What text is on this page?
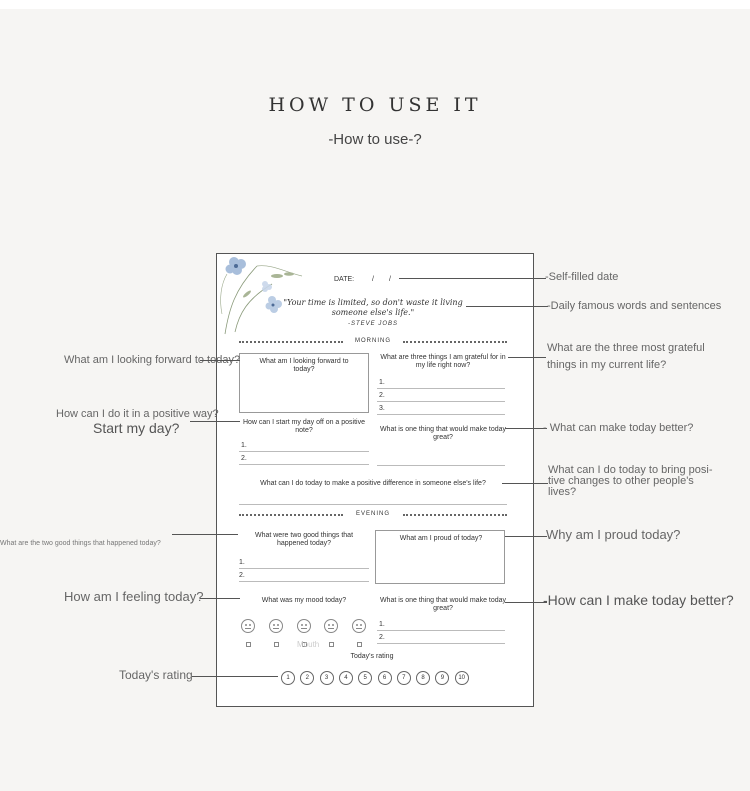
HOW TO USE IT
-How to use-?
DATE:	/ /
"Your time is limited, so don't waste it living someone else's life."
-STEVE JOBS
MORNING
What am I looking forward to today?
What are three things I am grateful for in my life right now?
1.
2.
3.
How can I start my day off on a positive note?
1.
2.
What is one thing that would make today great?
What can I do today to make a positive difference in someone else's life?
EVENING
What were two good things that happened today?
1.
2.
What am I proud of today?
What was my mood today?
Mouth
What is one thing that would make today great?
1.
2.
Today's rating
1	2	3	4	5	6	7	8	9	10
-Self-filled date
-Daily famous words and sentences
What are the three most grateful
things in my current life?
- What can make today better?
What can I do today to bring posi-
tive changes to other people's
lives?
Why am I proud today?
-How can I make today better?
What am I looking forward to today?
How can I do it in a positive way?
Start my day?
What are the two good things that happened today?
How am I feeling today?
Today's rating
